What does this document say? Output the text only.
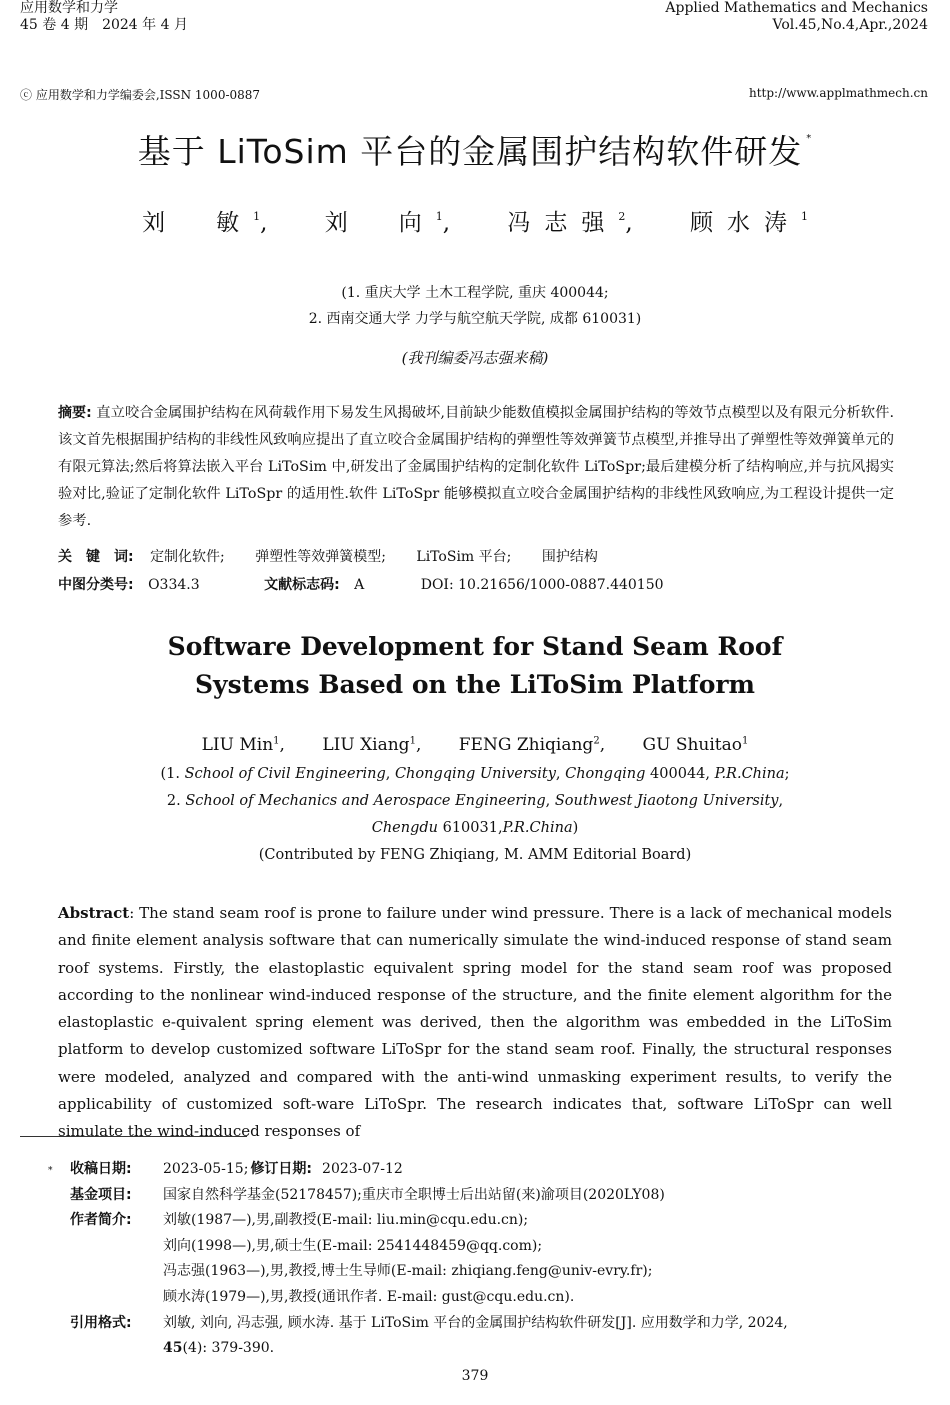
应用数学和力学
45 卷 4 期　2024 年 4 月
Applied Mathematics and Mechanics
Vol.45,No.4,Apr.,2024
ⓒ 应用数学和力学编委会,ISSN 1000-0887	http://www.applmathmech.cn
基于 LiToSim 平台的金属围护结构软件研发 *
刘　敏$^1$, 刘　向$^1$, 冯志强$^2$, 顾水涛$^1$
(1. 重庆大学 土木工程学院, 重庆 400044;
2. 西南交通大学 力学与航空航天学院, 成都 610031)
(我刊编委冯志强来稿)
摘要: 直立咬合金属围护结构在风荷载作用下易发生风揭破坏,目前缺少能数值模拟金属围护结构的等效节点模型以及有限元分析软件.该文首先根据围护结构的非线性风致响应提出了直立咬合金属围护结构的弹塑性等效弹簧节点模型,并推导出了弹塑性等效弹簧单元的有限元算法;然后将算法嵌入平台 LiToSim 中,研发出了金属围护结构的定制化软件 LiToSpr;最后建模分析了结构响应,并与抗风揭实验对比,验证了定制化软件 LiToSpr 的适用性.软件 LiToSpr 能够模拟直立咬合金属围护结构的非线性风致响应,为工程设计提供一定参考.
关　键　词: 定制化软件; 弹塑性等效弹簧模型; LiToSim 平台; 围护结构
中图分类号: O334.3	文献标志码: A	DOI: 10.21656/1000-0887.440150
Software Development for Stand Seam Roof
Systems Based on the LiToSim Platform
LIU Min$^1$, LIU Xiang$^1$, FENG Zhiqiang$^2$, GU Shuitao$^1$
(1. School of Civil Engineering, Chongqing University, Chongqing 400044, P.R.China;
2. School of Mechanics and Aerospace Engineering, Southwest Jiaotong University,
Chengdu 610031,P.R.China)
(Contributed by FENG Zhiqiang, M. AMM Editorial Board)
Abstract: The stand seam roof is prone to failure under wind pressure. There is a lack of mechanical models and finite element analysis software that can numerically simulate the wind-induced response of stand seam roof systems. Firstly, the elastoplastic equivalent spring model for the stand seam roof was proposed according to the nonlinear wind-induced response of the structure, and the finite element algorithm for the elastoplastic e-quivalent spring element was derived, then the algorithm was embedded in the LiToSim platform to develop customized software LiToSpr for the stand seam roof. Finally, the structural responses were modeled, analyzed and compared with the anti-wind unmasking experiment results, to verify the applicability of customized soft-ware LiToSpr. The research indicates that, software LiToSpr can well simulate the wind-induced responses of
* 收稿日期: 2023-05-15; 修订日期: 2023-07-12
基金项目: 国家自然科学基金(52178457);重庆市全职博士后出站留(来)渝项目(2020LY08)
作者简介: 刘敏(1987—),男,副教授(E-mail: liu.min@cqu.edu.cn);
刘向(1998—),男,硕士生(E-mail: 2541448459@qq.com);
冯志强(1963—),男,教授,博士生导师(E-mail: zhiqiang.feng@univ-evry.fr);
顾水涛(1979—),男,教授(通讯作者. E-mail: gust@cqu.edu.cn).
引用格式: 刘敏, 刘向, 冯志强, 顾水涛. 基于 LiToSim 平台的金属围护结构软件研发[J]. 应用数学和力学, 2024,
45(4): 379-390.
379
